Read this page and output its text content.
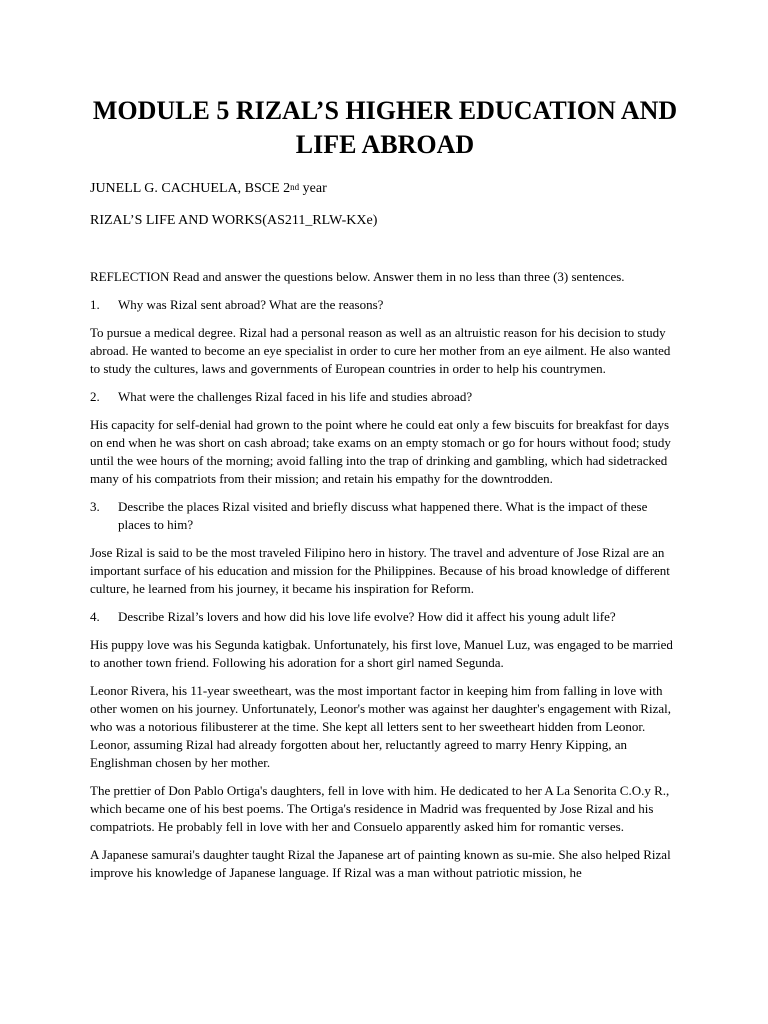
MODULE 5 RIZAL’S HIGHER EDUCATION AND
LIFE ABROAD

JUNELL G. CACHUELA, BSCE 2nd year

RIZAL’S LIFE AND WORKS(AS211_RLW-KXe)

REFLECTION Read and answer the questions below. Answer them in no less than three (3) sentences.

1.	Why was Rizal sent abroad? What are the reasons?

To pursue a medical degree. Rizal had a personal reason as well as an altruistic reason for his decision to study abroad. He wanted to become an eye specialist in order to cure her mother from an eye ailment. He also wanted to study the cultures, laws and governments of European countries in order to help his countrymen.

2.	What were the challenges Rizal faced in his life and studies abroad?

His capacity for self-denial had grown to the point where he could eat only a few biscuits for breakfast for days on end when he was short on cash abroad; take exams on an empty stomach or go for hours without food; study until the wee hours of the morning; avoid falling into the trap of drinking and gambling, which had sidetracked many of his compatriots from their mission; and retain his empathy for the downtrodden.

3.	Describe the places Rizal visited and briefly discuss what happened there. What is the impact of these places to him?

Jose Rizal is said to be the most traveled Filipino hero in history. The travel and adventure of Jose Rizal are an important surface of his education and mission for the Philippines. Because of his broad knowledge of different culture, he learned from his journey, it became his inspiration for Reform.

4.	Describe Rizal’s lovers and how did his love life evolve? How did it affect his young adult life?

His puppy love was his Segunda katigbak. Unfortunately, his first love, Manuel Luz, was engaged to be married to another town friend. Following his adoration for a short girl named Segunda.

Leonor Rivera, his 11-year sweetheart, was the most important factor in keeping him from falling in love with other women on his journey. Unfortunately, Leonor's mother was against her daughter's engagement with Rizal, who was a notorious filibusterer at the time. She kept all letters sent to her sweetheart hidden from Leonor. Leonor, assuming Rizal had already forgotten about her, reluctantly agreed to marry Henry Kipping, an Englishman chosen by her mother.

The prettier of Don Pablo Ortiga's daughters, fell in love with him. He dedicated to her A La Senorita C.O.y R., which became one of his best poems. The Ortiga's residence in Madrid was frequented by Jose Rizal and his compatriots. He probably fell in love with her and Consuelo apparently asked him for romantic verses.

A Japanese samurai's daughter taught Rizal the Japanese art of painting known as su-mie. She also helped Rizal improve his knowledge of Japanese language. If Rizal was a man without patriotic mission, he
